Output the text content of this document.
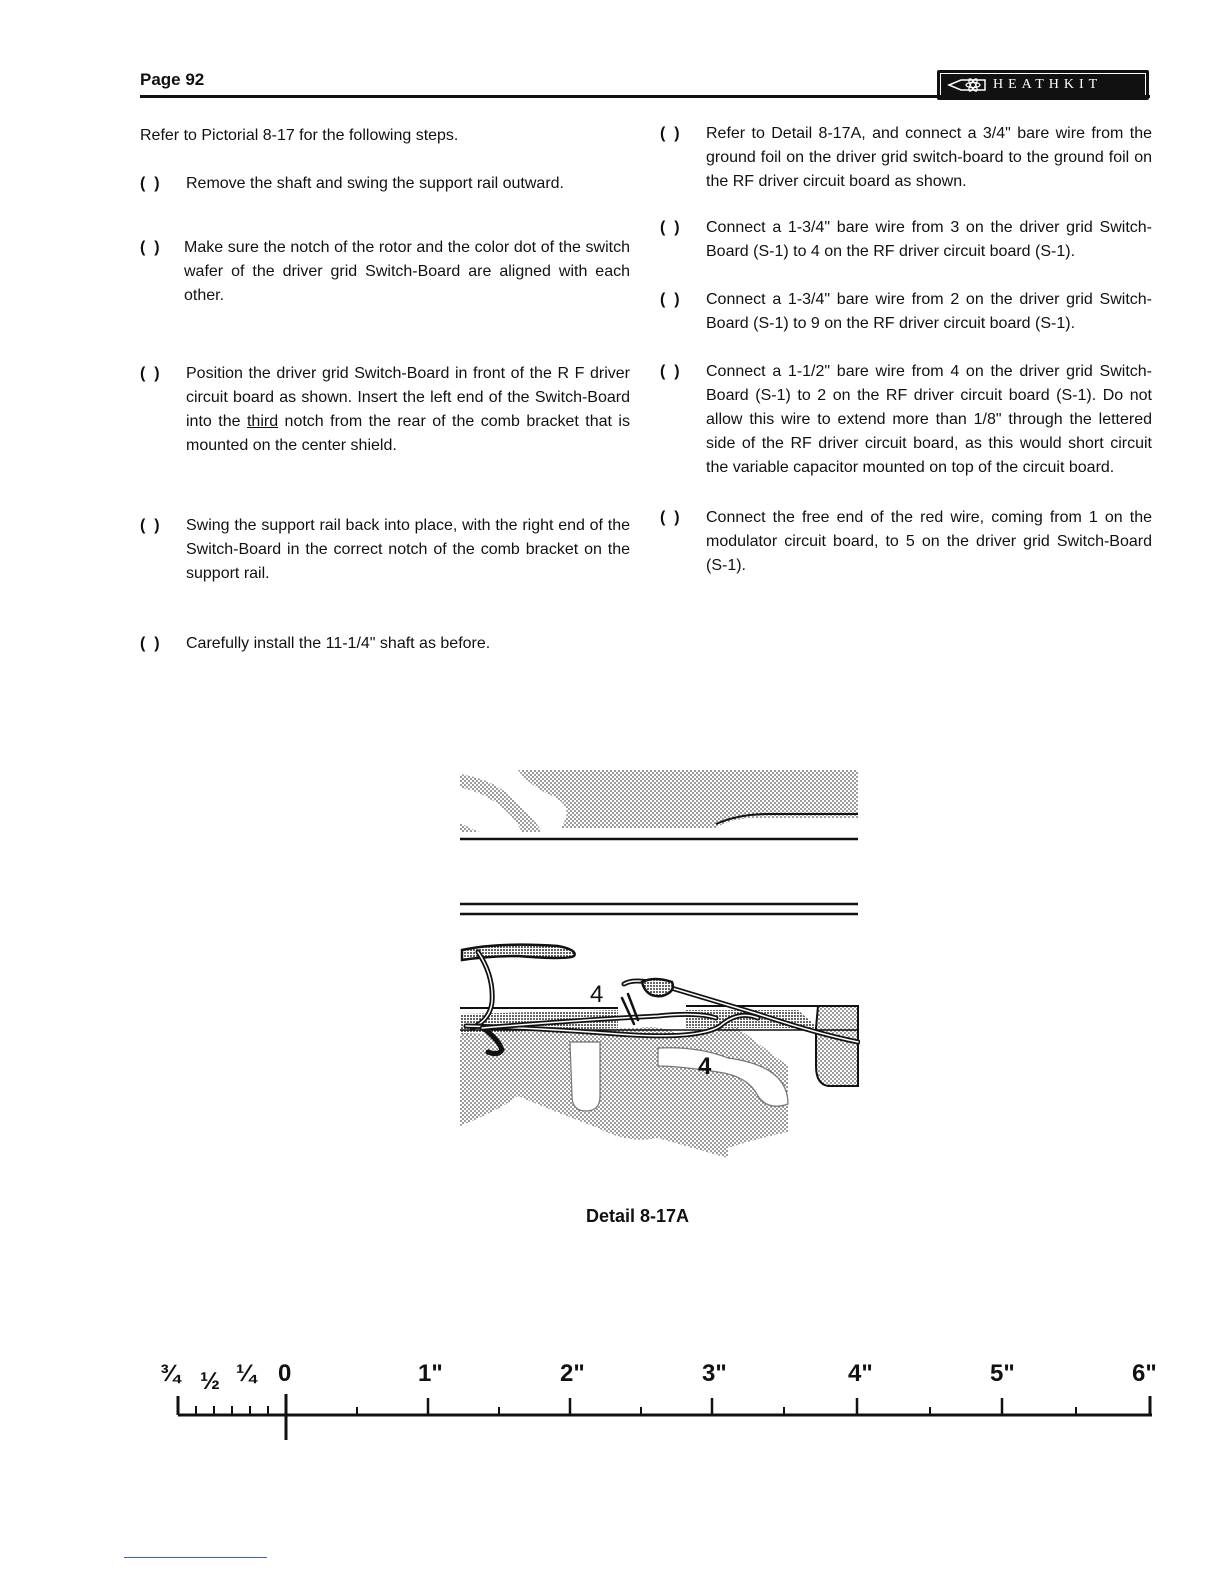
Page 92	HEATHKIT

Refer to Pictorial 8-17 for the following steps.

(  )	Remove the shaft and swing the support rail outward.
(  )	Make sure the notch of the rotor and the color dot of the switch wafer of the driver grid Switch-Board are aligned with each other.
(  )	Position the driver grid Switch-Board in front of the R F driver circuit board as shown. Insert the left end of the Switch-Board into the third notch from the rear of the comb bracket that is mounted on the center shield.
(  )	Swing the support rail back into place, with the right end of the Switch-Board in the correct notch of the comb bracket on the support rail.
(  )	Carefully install the 11-1/4" shaft as before.
(  )	Refer to Detail 8-17A, and connect a 3/4" bare wire from the ground foil on the driver grid switch-board to the ground foil on the RF driver circuit board as shown.
(  )	Connect a 1-3/4" bare wire from 3 on the driver grid Switch-Board (S-1) to 4 on the RF driver circuit board (S-1).
(  )	Connect a 1-3/4" bare wire from 2 on the driver grid Switch-Board (S-1) to 9 on the RF driver circuit board (S-1).
(  )	Connect a 1-1/2" bare wire from 4 on the driver grid Switch-Board (S-1) to 2 on the RF driver circuit board (S-1). Do not allow this wire to extend more than 1/8" through the lettered side of the RF driver circuit board, as this would short circuit the variable capacitor mounted on top of the circuit board.
(  )	Connect the free end of the red wire, coming from 1 on the modulator circuit board, to 5 on the driver grid Switch-Board (S-1).
4
4
Detail 8-17A
¾ ½ ¼ 0	1"	2"	3"	4"	5"	6"
